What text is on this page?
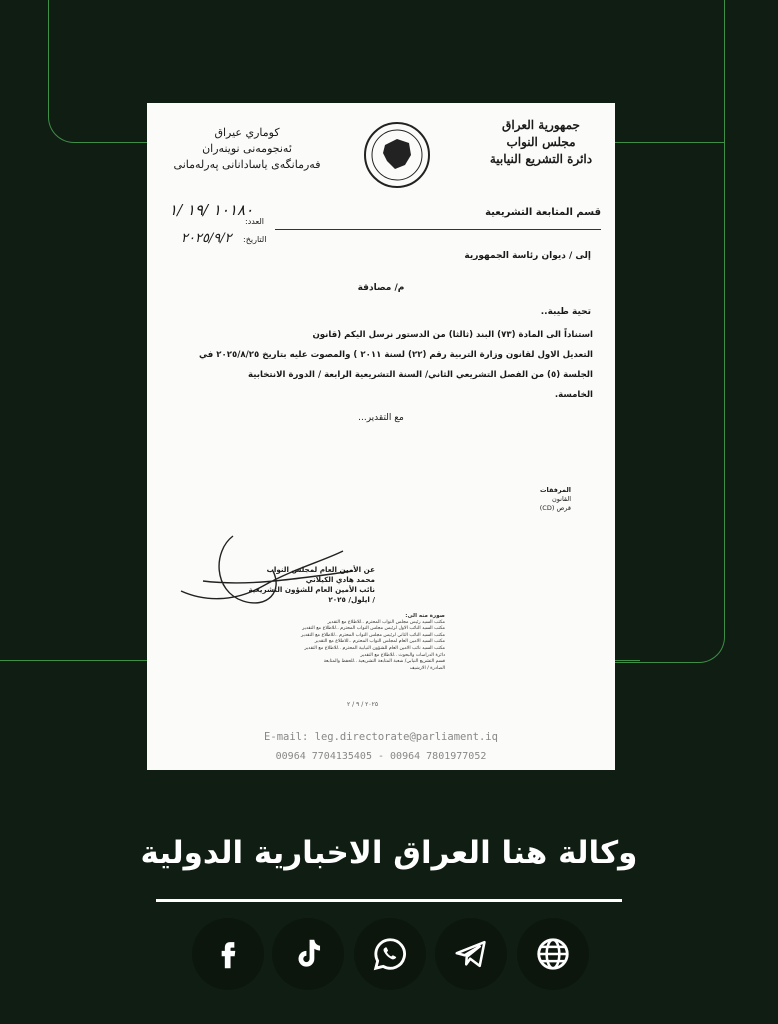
جمهورية العراق
مجلس النواب
دائرة التشريع النيابية
كوماري عيراق
ئەنجومەنی نوینەران
فەرمانگەی یاسادانانی پەرلەمانی
قسم المتابعة التشريعية
١٠١٨٠ /١٩ /١
العدد:
٢٠٢٥/٩/٢ التاريخ:
إلى / ديوان رئاسة الجمهورية
م/ مصادقة
تحية طيبة..

استناداً الى المادة (٧٣) البند (ثالثا) من الدستور نرسل اليكم (قانون

التعديل الاول لقانون وزارة التربية رقم (٢٢) لسنة ٢٠١١ ) والمصوت عليه بتاريخ ٢٠٢٥/٨/٢٥ في

الجلسة (٥) من الفصل التشريعي الثاني/ السنة التشريعية الرابعة / الدورة الانتخابية

الخامسة.

مع التقدير...
المرفقات
القانون
قرص (CD)
عن الأمين العام لمجلس النواب
محمد هادي الكيلاني
نائب الأمين العام للشؤون التشريعية
/ ايلول/ ٢٠٢٥
صورة منه الى:
مكتب السيد رئيس مجلس النواب المحترم ..للاطلاع مع التقدير
مكتب السيد النائب الاول لرئيس مجلس النواب المحترم ..للاطلاع مع التقدير
مكتب السيد النائب الثاني لرئيس مجلس النواب المحترم ..للاطلاع مع التقدير
مكتب السيد الامين العام لمجلس النواب المحترم ..للاطلاع مع التقدير
مكتب السيد نائب الامين العام للشؤون النيابية المحترم ..للاطلاع مع التقدير
دائرة الدراسات والبحوث ..للاطلاع مع التقدير
قسم التشريع النيابي/ شعبة المتابعة التشريعية ..للحفظ والمتابعة
الصادرة / الارشيف
٢٠٢٥ / ٩ / ٢
E-mail: leg.directorate@parliament.iq
00964 7704135405 - 00964 7801977052
وكالة هنا العراق الاخبارية الدولية
